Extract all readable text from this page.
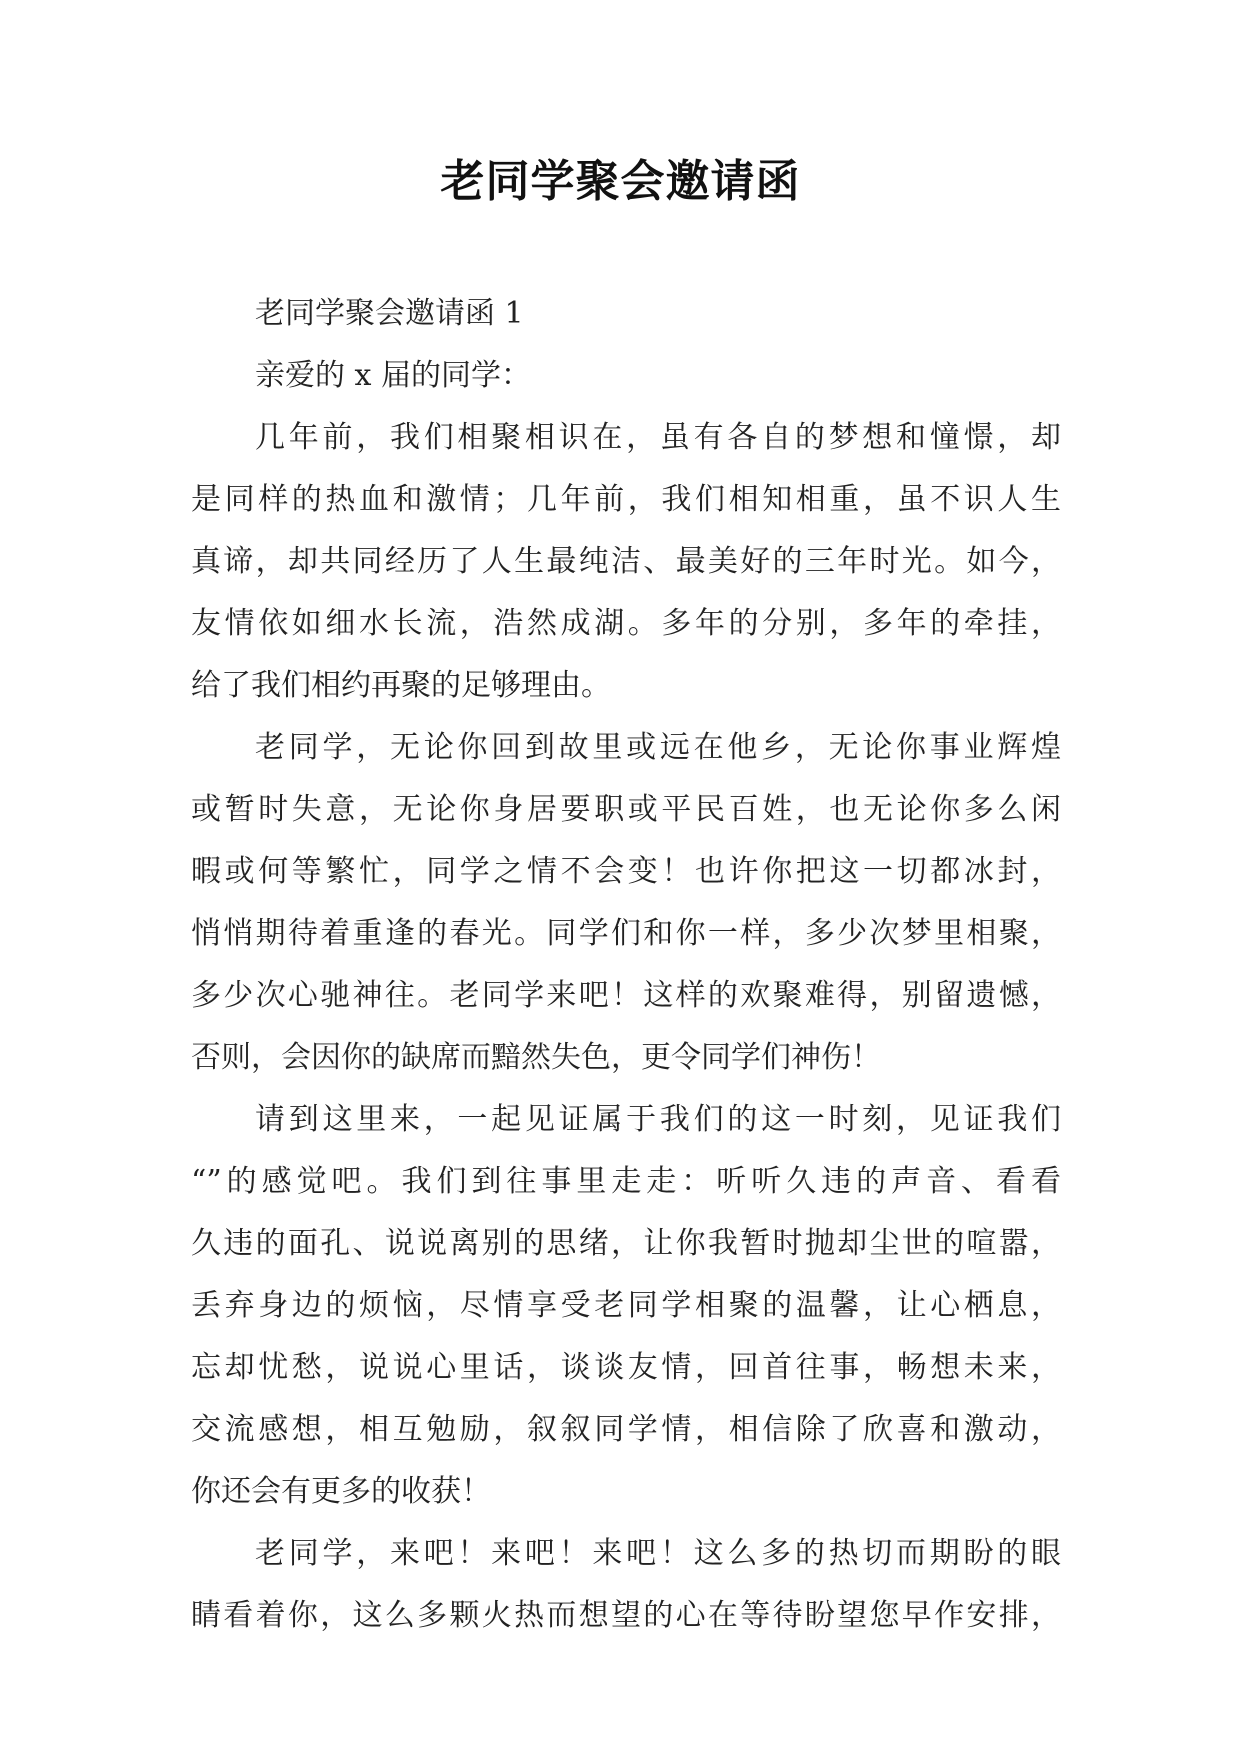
老同学聚会邀请函
老同学聚会邀请函 1
亲爱的 x 届的同学：
几年前，我们相聚相识在，虽有各自的梦想和憧憬，却
是同样的热血和激情；几年前，我们相知相重，虽不识人生
真谛，却共同经历了人生最纯洁、最美好的三年时光。如今，
友情依如细水长流，浩然成湖。多年的分别，多年的牵挂，
给了我们相约再聚的足够理由。
老同学，无论你回到故里或远在他乡，无论你事业辉煌
或暂时失意，无论你身居要职或平民百姓，也无论你多么闲
暇或何等繁忙，同学之情不会变！也许你把这一切都冰封，
悄悄期待着重逢的春光。同学们和你一样，多少次梦里相聚，
多少次心驰神往。老同学来吧！这样的欢聚难得，别留遗憾，
否则，会因你的缺席而黯然失色，更令同学们神伤！
请到这里来，一起见证属于我们的这一时刻，见证我们
“”的感觉吧。我们到往事里走走：听听久违的声音、看看
久违的面孔、说说离别的思绪，让你我暂时抛却尘世的喧嚣，
丢弃身边的烦恼，尽情享受老同学相聚的温馨，让心栖息，
忘却忧愁，说说心里话，谈谈友情，回首往事，畅想未来，
交流感想，相互勉励，叙叙同学情，相信除了欣喜和激动，
你还会有更多的收获！
老同学，来吧！来吧！来吧！这么多的热切而期盼的眼
睛看着你，这么多颗火热而想望的心在等待盼望您早作安排，
